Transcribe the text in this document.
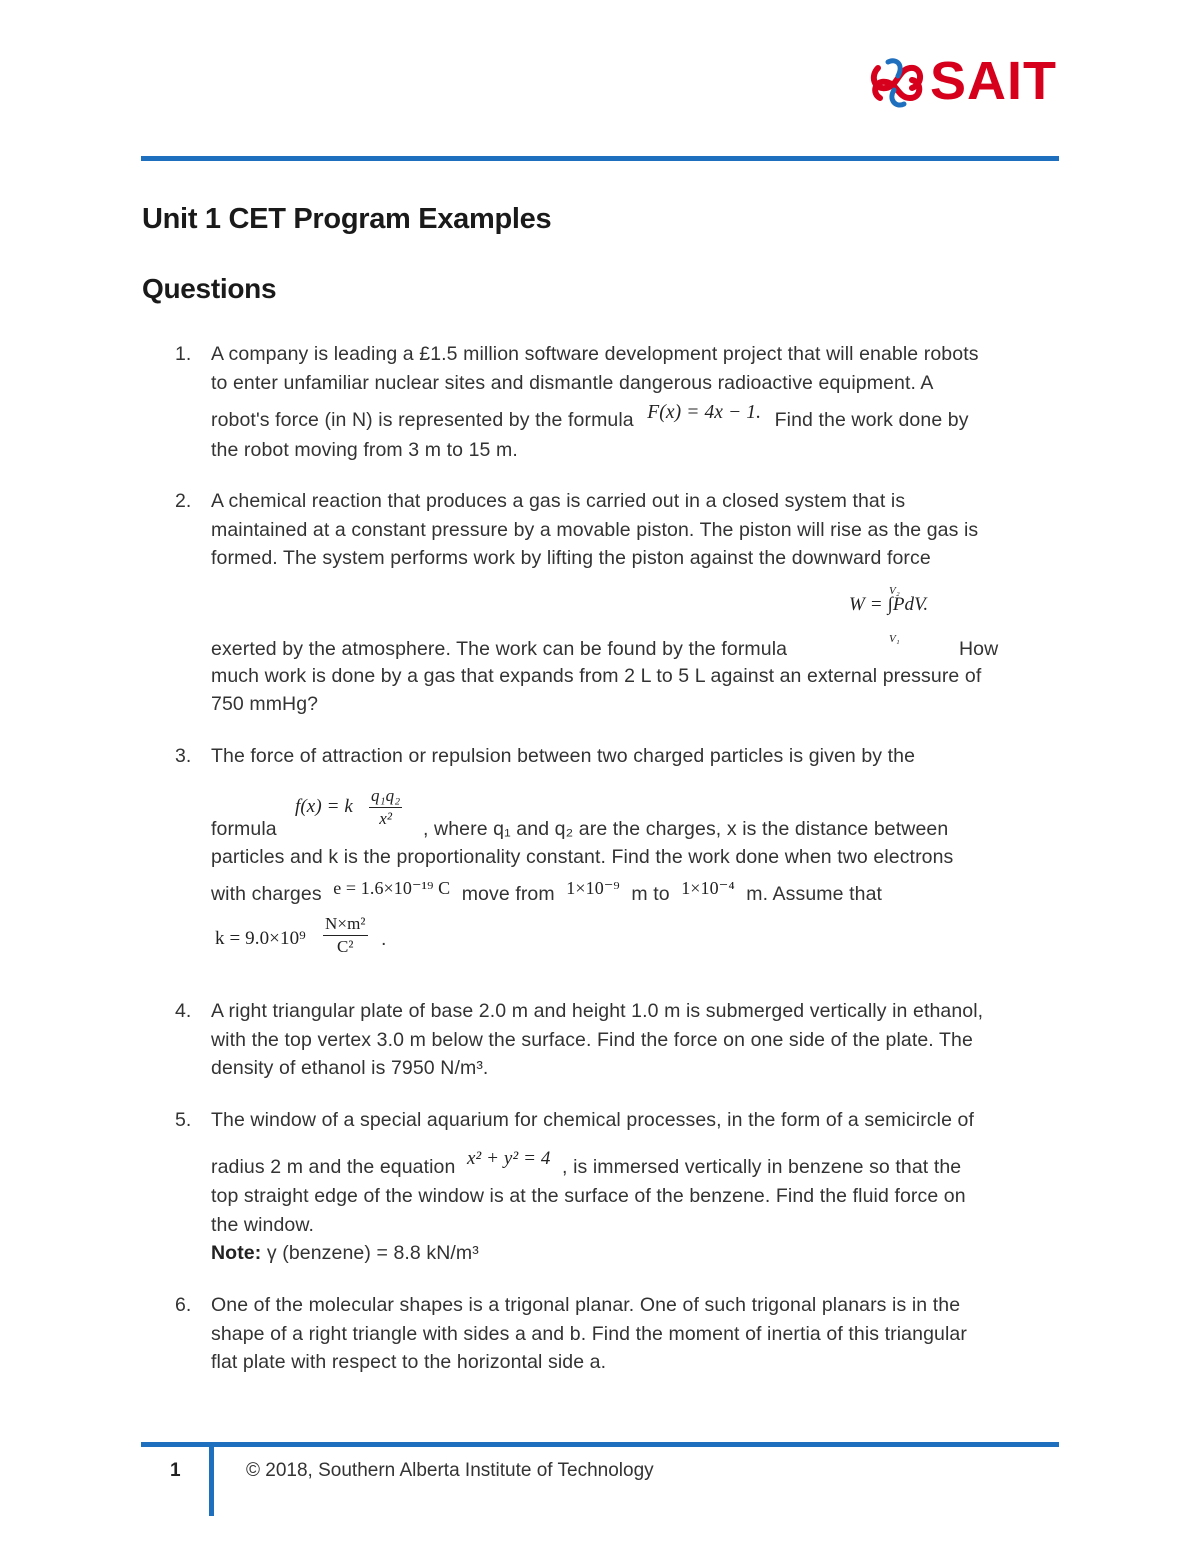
SAIT
Unit 1 CET Program Examples
Questions
1. A company is leading a £1.5 million software development project that will enable robots
to enter unfamiliar nuclear sites and dismantle dangerous radioactive equipment. A
robot's force (in N) is represented by the formula F(x) = 4x − 1. Find the work done by
the robot moving from 3 m to 15 m.
2. A chemical reaction that produces a gas is carried out in a closed system that is
maintained at a constant pressure by a movable piston. The piston will rise as the gas is
formed. The system performs work by lifting the piston against the downward force
V₂
W = ∫PdV.
V₁
exerted by the atmosphere. The work can be found by the formula	How
much work is done by a gas that expands from 2 L to 5 L against an external pressure of
750 mmHg?
3. The force of attraction or repulsion between two charged particles is given by the
f(x) = k $\frac{\text{q₁q₂}}{\text{x²}}$
formula	, where q₁ and q₂ are the charges, x is the distance between
particles and k is the proportionality constant. Find the work done when two electrons
with charges e = 1.6×10⁻¹⁹ C move from 1×10⁻⁹ m to 1×10⁻⁴ m. Assume that
$k = 9.0\times 10^9 \frac{\text{N×m²}}{\text{C²}}$ .
4. A right triangular plate of base 2.0 m and height 1.0 m is submerged vertically in ethanol,
with the top vertex 3.0 m below the surface. Find the force on one side of the plate. The
density of ethanol is 7950 N/m³.
5. The window of a special aquarium for chemical processes, in the form of a semicircle of
radius 2 m and the equation x² + y² = 4 , is immersed vertically in benzene so that the
top straight edge of the window is at the surface of the benzene. Find the fluid force on
the window.
Note: γ (benzene) = 8.8 kN/m³
6. One of the molecular shapes is a trigonal planar. One of such trigonal planars is in the
shape of a right triangle with sides a and b. Find the moment of inertia of this triangular
flat plate with respect to the horizontal side a.
1	© 2018, Southern Alberta Institute of Technology
